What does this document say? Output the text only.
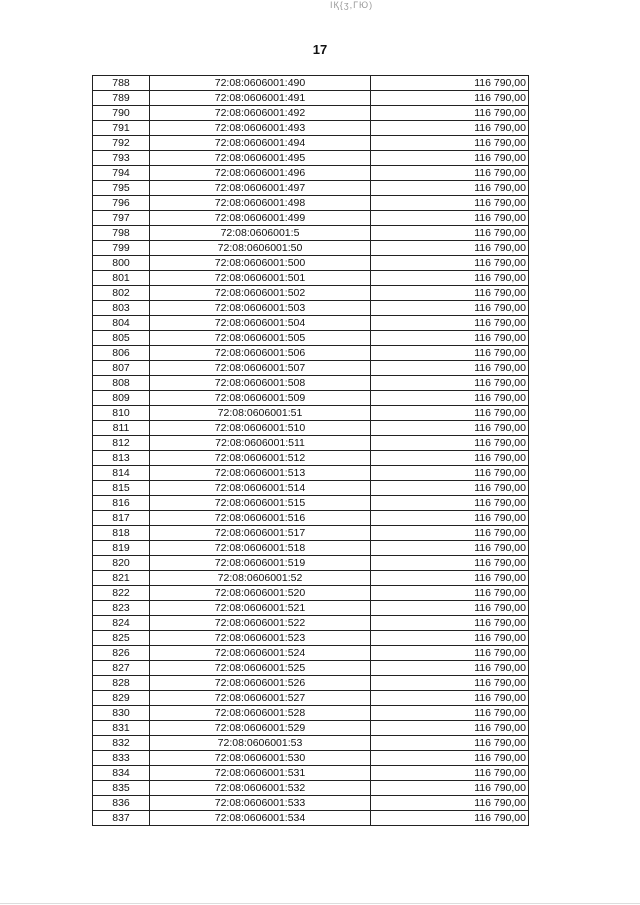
ӀҚ{ӡ,ГЮ)
17
788	72:08:0606001:490	116 790,00
789	72:08:0606001:491	116 790,00
790	72:08:0606001:492	116 790,00
791	72:08:0606001:493	116 790,00
792	72:08:0606001:494	116 790,00
793	72:08:0606001:495	116 790,00
794	72:08:0606001:496	116 790,00
795	72:08:0606001:497	116 790,00
796	72:08:0606001:498	116 790,00
797	72:08:0606001:499	116 790,00
798	72:08:0606001:5	116 790,00
799	72:08:0606001:50	116 790,00
800	72:08:0606001:500	116 790,00
801	72:08:0606001:501	116 790,00
802	72:08:0606001:502	116 790,00
803	72:08:0606001:503	116 790,00
804	72:08:0606001:504	116 790,00
805	72:08:0606001:505	116 790,00
806	72:08:0606001:506	116 790,00
807	72:08:0606001:507	116 790,00
808	72:08:0606001:508	116 790,00
809	72:08:0606001:509	116 790,00
810	72:08:0606001:51	116 790,00
811	72:08:0606001:510	116 790,00
812	72:08:0606001:511	116 790,00
813	72:08:0606001:512	116 790,00
814	72:08:0606001:513	116 790,00
815	72:08:0606001:514	116 790,00
816	72:08:0606001:515	116 790,00
817	72:08:0606001:516	116 790,00
818	72:08:0606001:517	116 790,00
819	72:08:0606001:518	116 790,00
820	72:08:0606001:519	116 790,00
821	72:08:0606001:52	116 790,00
822	72:08:0606001:520	116 790,00
823	72:08:0606001:521	116 790,00
824	72:08:0606001:522	116 790,00
825	72:08:0606001:523	116 790,00
826	72:08:0606001:524	116 790,00
827	72:08:0606001:525	116 790,00
828	72:08:0606001:526	116 790,00
829	72:08:0606001:527	116 790,00
830	72:08:0606001:528	116 790,00
831	72:08:0606001:529	116 790,00
832	72:08:0606001:53	116 790,00
833	72:08:0606001:530	116 790,00
834	72:08:0606001:531	116 790,00
835	72:08:0606001:532	116 790,00
836	72:08:0606001:533	116 790,00
837	72:08:0606001:534	116 790,00
